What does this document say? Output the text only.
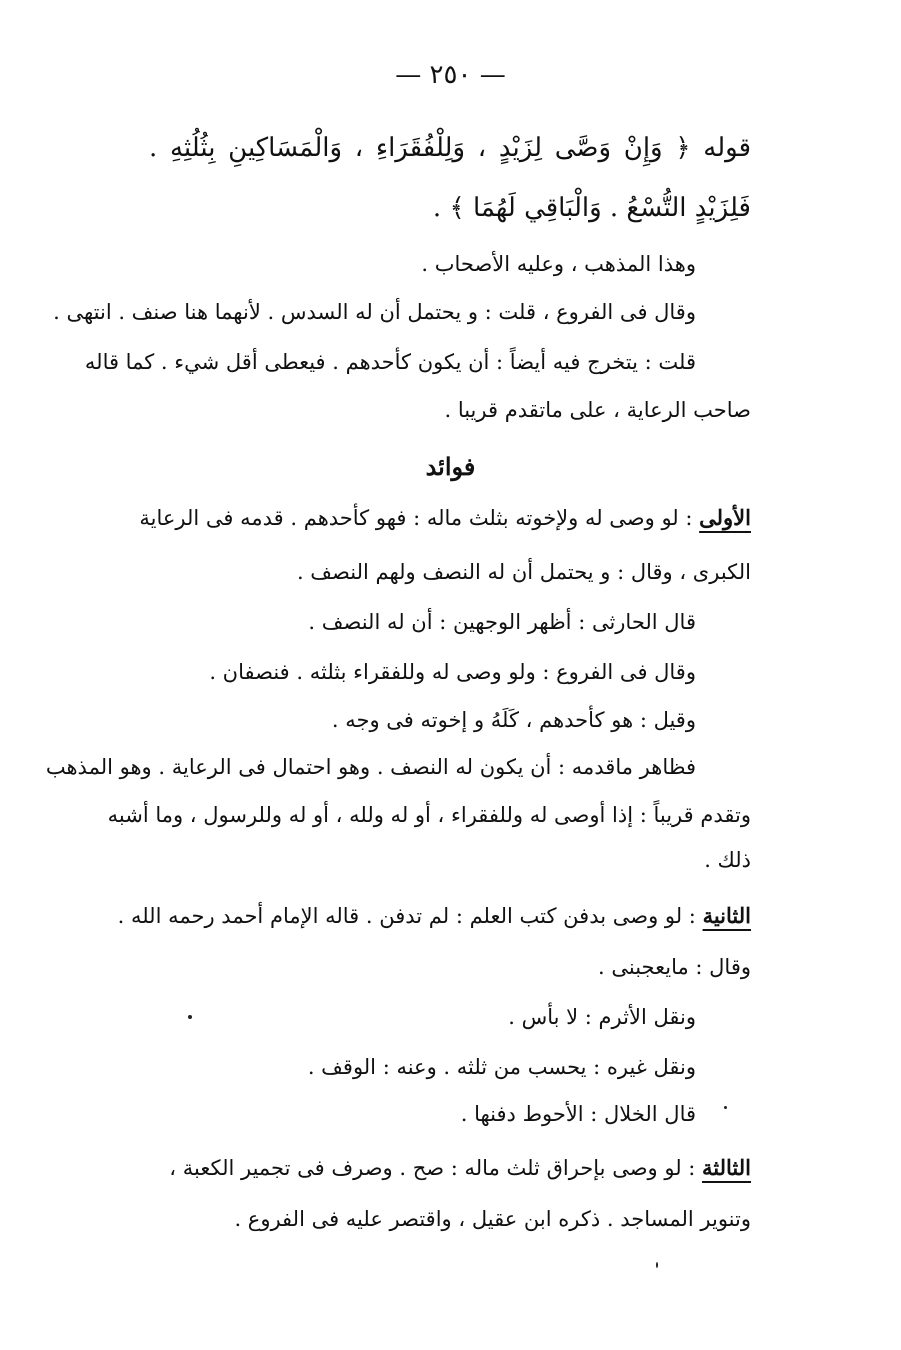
— ٢٥٠ —
قوله ﴿ وَإِنْ وَصَّى لِزَيْدٍ ، وَلِلْفُقَرَاءِ ، وَالْمَسَاكِينِ بِثُلُثِهِ . فَلِزَيْدٍ التُّسْعُ . وَالْبَاقِي لَهُمَا ﴾ .
وهذا المذهب ، وعليه الأصحاب .
وقال فى الفروع ، قلت : و يحتمل أن له السدس . لأنهما هنا صنف . انتهى .
قلت : يتخرج فيه أيضاً : أن يكون كأحدهم . فيعطى أقل شيء . كما قاله
صاحب الرعاية ، على ماتقدم قريبا .
فوائد
الأولى : لو وصى له ولإخوته بثلث ماله : فهو كأحدهم . قدمه فى الرعاية
الكبرى ، وقال : و يحتمل أن له النصف ولهم النصف .
قال الحارثى : أظهر الوجهين : أن له النصف .
وقال فى الفروع : ولو وصى له وللفقراء بثلثه . فنصفان .
وقيل : هو كأحدهم ، كَلَهُ و إخوته فى وجه .
فظاهر ماقدمه : أن يكون له النصف . وهو احتمال فى الرعاية . وهو المذهب
وتقدم قريباً : إذا أوصى له وللفقراء ، أو له ولله ، أو له وللرسول ، وما أشبه
ذلك .
الثانية : لو وصى بدفن كتب العلم : لم تدفن . قاله الإمام أحمد رحمه الله .
وقال : مايعجبنى .
ونقل الأثرم : لا بأس .
ونقل غيره : يحسب من ثلثه . وعنه : الوقف .
قال الخلال : الأحوط دفنها .
الثالثة : لو وصى بإحراق ثلث ماله : صح . وصرف فى تجمير الكعبة ،
وتنوير المساجد . ذكره ابن عقيل ، واقتصر عليه فى الفروع .
